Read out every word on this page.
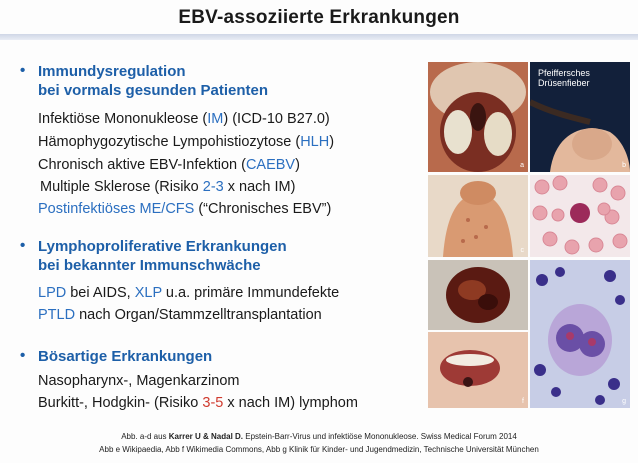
EBV-assoziierte Erkrankungen
• Immundysregulation
bei vormals gesunden Patienten
Infektiöse Mononukleose (IM) (ICD-10 B27.0)
Hämophygozytische Lympohistiozytose (HLH)
Chronisch aktive EBV-Infektion (CAEBV)
Multiple Sklerose (Risiko 2-3 x nach IM)
Postinfektiöses ME/CFS (“Chronisches EBV”)
• Lymphoproliferative Erkrankungen
bei bekannter Immunschwäche
LPD bei AIDS, XLP u.a. primäre Immundefekte
PTLD nach Organ/Stammzelltransplantation
• Bösartige Erkrankungen
Nasopharynx-, Magenkarzinom
Burkitt-, Hodgkin- (Risiko 3-5 x nach IM) lymphom
a
Pfeiffersches
Drüsenfieber
b
c
f	g
Abb. a-d aus Karrer U & Nadal D. Epstein-Barr-Virus und infektiöse Mononukleose. Swiss Medical Forum 2014
Abb e Wikipaedia, Abb f Wikimedia Commons, Abb g Klinik für Kinder- und Jugendmedizin, Technische Universität München
